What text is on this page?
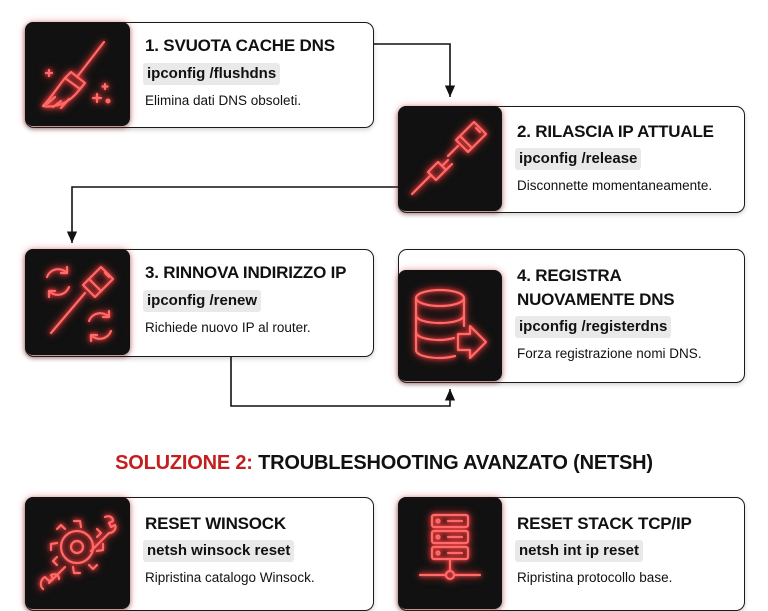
1. SVUOTA CACHE DNS
ipconfig /flushdns
Elimina dati DNS obsoleti.
2. RILASCIA IP ATTUALE
ipconfig /release
Disconnette momentaneamente.
3. RINNOVA INDIRIZZO IP
ipconfig /renew
Richiede nuovo IP al router.
4. REGISTRA
NUOVAMENTE DNS
ipconfig /registerdns
Forza registrazione nomi DNS.
SOLUZIONE 2: TROUBLESHOOTING AVANZATO (NETSH)
RESET WINSOCK
netsh winsock reset
Ripristina catalogo Winsock.
RESET STACK TCP/IP
netsh int ip reset
Ripristina protocollo base.
